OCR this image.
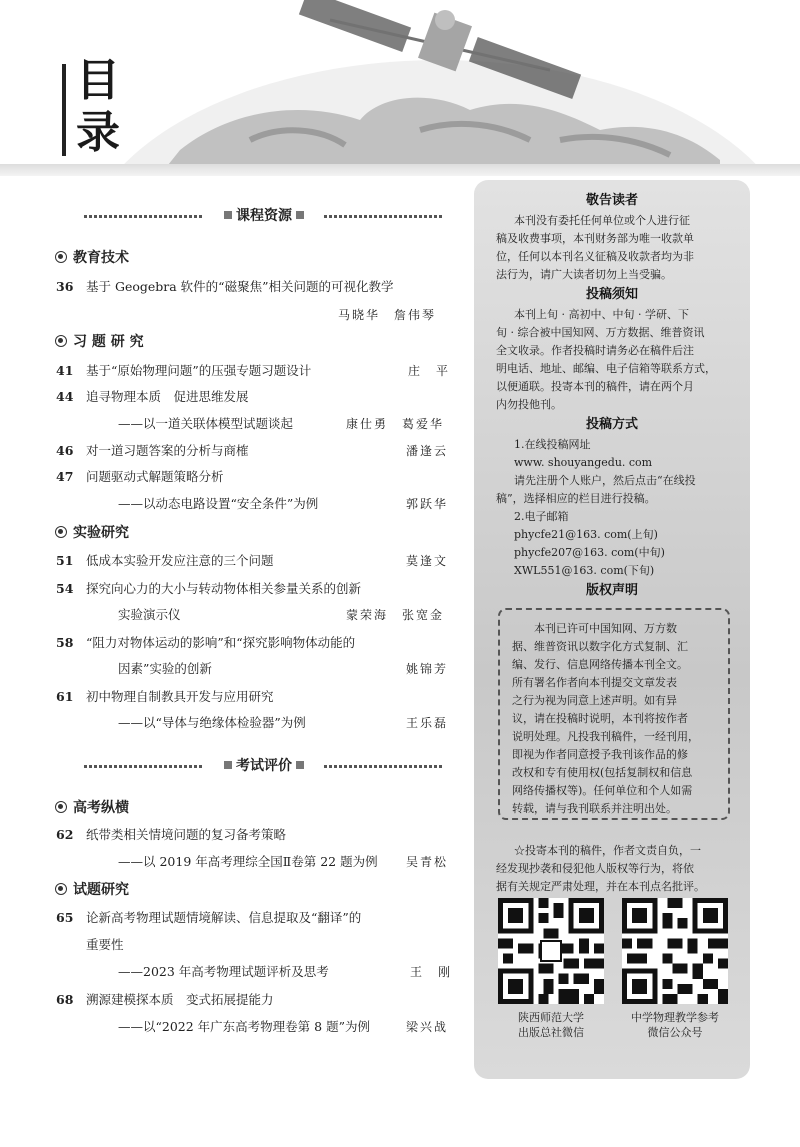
目
录
课程资源
教育技术
36 基于 Geogebra 软件的“磁聚焦”相关问题的可视化教学
马晓华　詹伟琴
习 题 研 究
41 基于“原始物理问题”的压强专题习题设计	庄　平
44 追寻物理本质　促进思维发展
——以一道关联体模型试题谈起	康仕勇　葛爱华
46 对一道习题答案的分析与商榷	潘逢云
47 问题驱动式解题策略分析
——以动态电路设置“安全条件”为例	郭跃华
实验研究
51 低成本实验开发应注意的三个问题	莫逢文
54 探究向心力的大小与转动物体相关参量关系的创新
实验演示仪	蒙荣海　张宽金
58 “阻力对物体运动的影响”和“探究影响物体动能的
因素”实验的创新	姚锦芳
61 初中物理自制教具开发与应用研究
——以“导体与绝缘体检验器”为例	王乐磊
考试评价
高考纵横
62 纸带类相关情境问题的复习备考策略
——以 2019 年高考理综全国Ⅱ卷第 22 题为例 吴青松
试题研究
65 论新高考物理试题情境解读、信息提取及“翻译”的
重要性
——2023 年高考物理试题评析及思考	王　刚
68 溯源建模探本质　变式拓展提能力
——以“2022 年广东高考物理卷第 8 题”为例	梁兴战
敬告读者
本刊没有委托任何单位或个人进行征
稿及收费事项，本刊财务部为唯一收款单
位，任何以本刊名义征稿及收款者均为非
法行为，请广大读者切勿上当受骗。
投稿须知
本刊上旬 · 高初中、中旬 · 学研、下
旬 · 综合被中国知网、万方数据、维普资讯
全文收录。作者投稿时请务必在稿件后注
明电话、地址、邮编、电子信箱等联系方式，
以便通联。投寄本刊的稿件，请在两个月
内勿投他刊。
投稿方式
1.在线投稿网址
www. shouyangedu. com
请先注册个人账户，然后点击“在线投
稿”，选择相应的栏目进行投稿。
2.电子邮箱
phycfe21@163. com(上旬)
phycfe207@163. com(中旬)
XWL551@163. com(下旬)
版权声明
本刊已许可中国知网、万方数
据、维普资讯以数字化方式复制、汇
编、发行、信息网络传播本刊全文。
所有署名作者向本刊提交文章发表
之行为视为同意上述声明。如有异
议，请在投稿时说明，本刊将按作者
说明处理。凡投我刊稿件，一经刊用，
即视为作者同意授予我刊该作品的修
改权和专有使用权(包括复制权和信息
网络传播权等)。任何单位和个人如需
转载，请与我刊联系并注明出处。
☆投寄本刊的稿件，作者文责自负，一
经发现抄袭和侵犯他人版权等行为，将依
据有关规定严肃处理，并在本刊点名批评。
陕西师范大学
出版总社微信
中学物理教学参考
微信公众号
